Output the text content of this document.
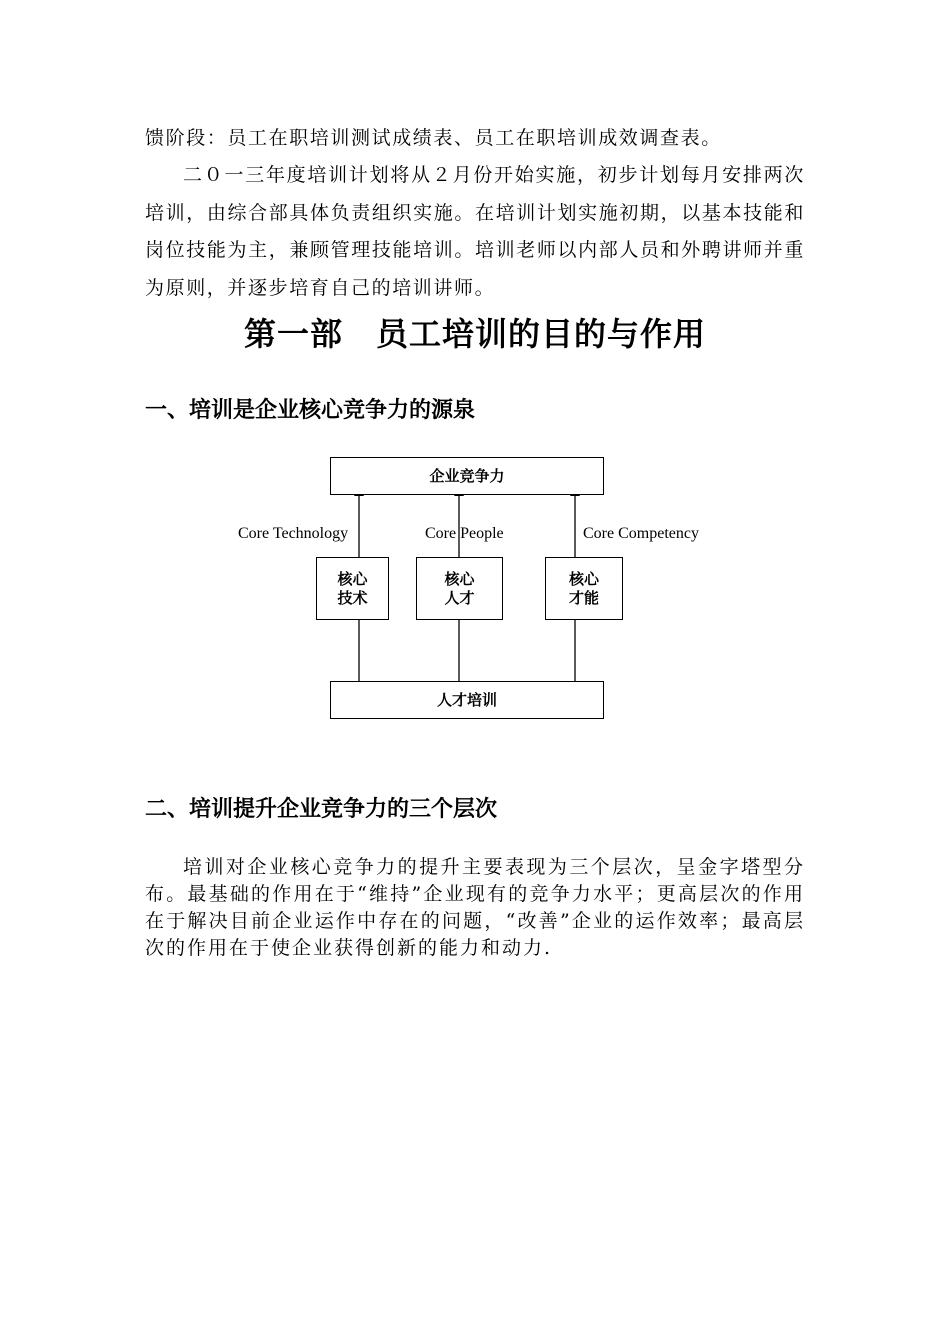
馈阶段：员工在职培训测试成绩表、员工在职培训成效调查表。

二０一三年度培训计划将从２月份开始实施，初步计划每月安排两次培训，由综合部具体负责组织实施。在培训计划实施初期，以基本技能和岗位技能为主，兼顾管理技能培训。培训老师以内部人员和外聘讲师并重为原则，并逐步培育自己的培训讲师。

第一部　员工培训的目的与作用
一、培训是企业核心竞争力的源泉
企业竞争力
Core Technology	Core People	Core Competency
核心
技术
核心
人才
核心
才能
人才培训
二、培训提升企业竞争力的三个层次

培训对企业核心竞争力的提升主要表现为三个层次，呈金字塔型分布。最基础的作用在于“维持”企业现有的竞争力水平；更高层次的作用在于解决目前企业运作中存在的问题，“改善”企业的运作效率；最高层次的作用在于使企业获得创新的能力和动力.
